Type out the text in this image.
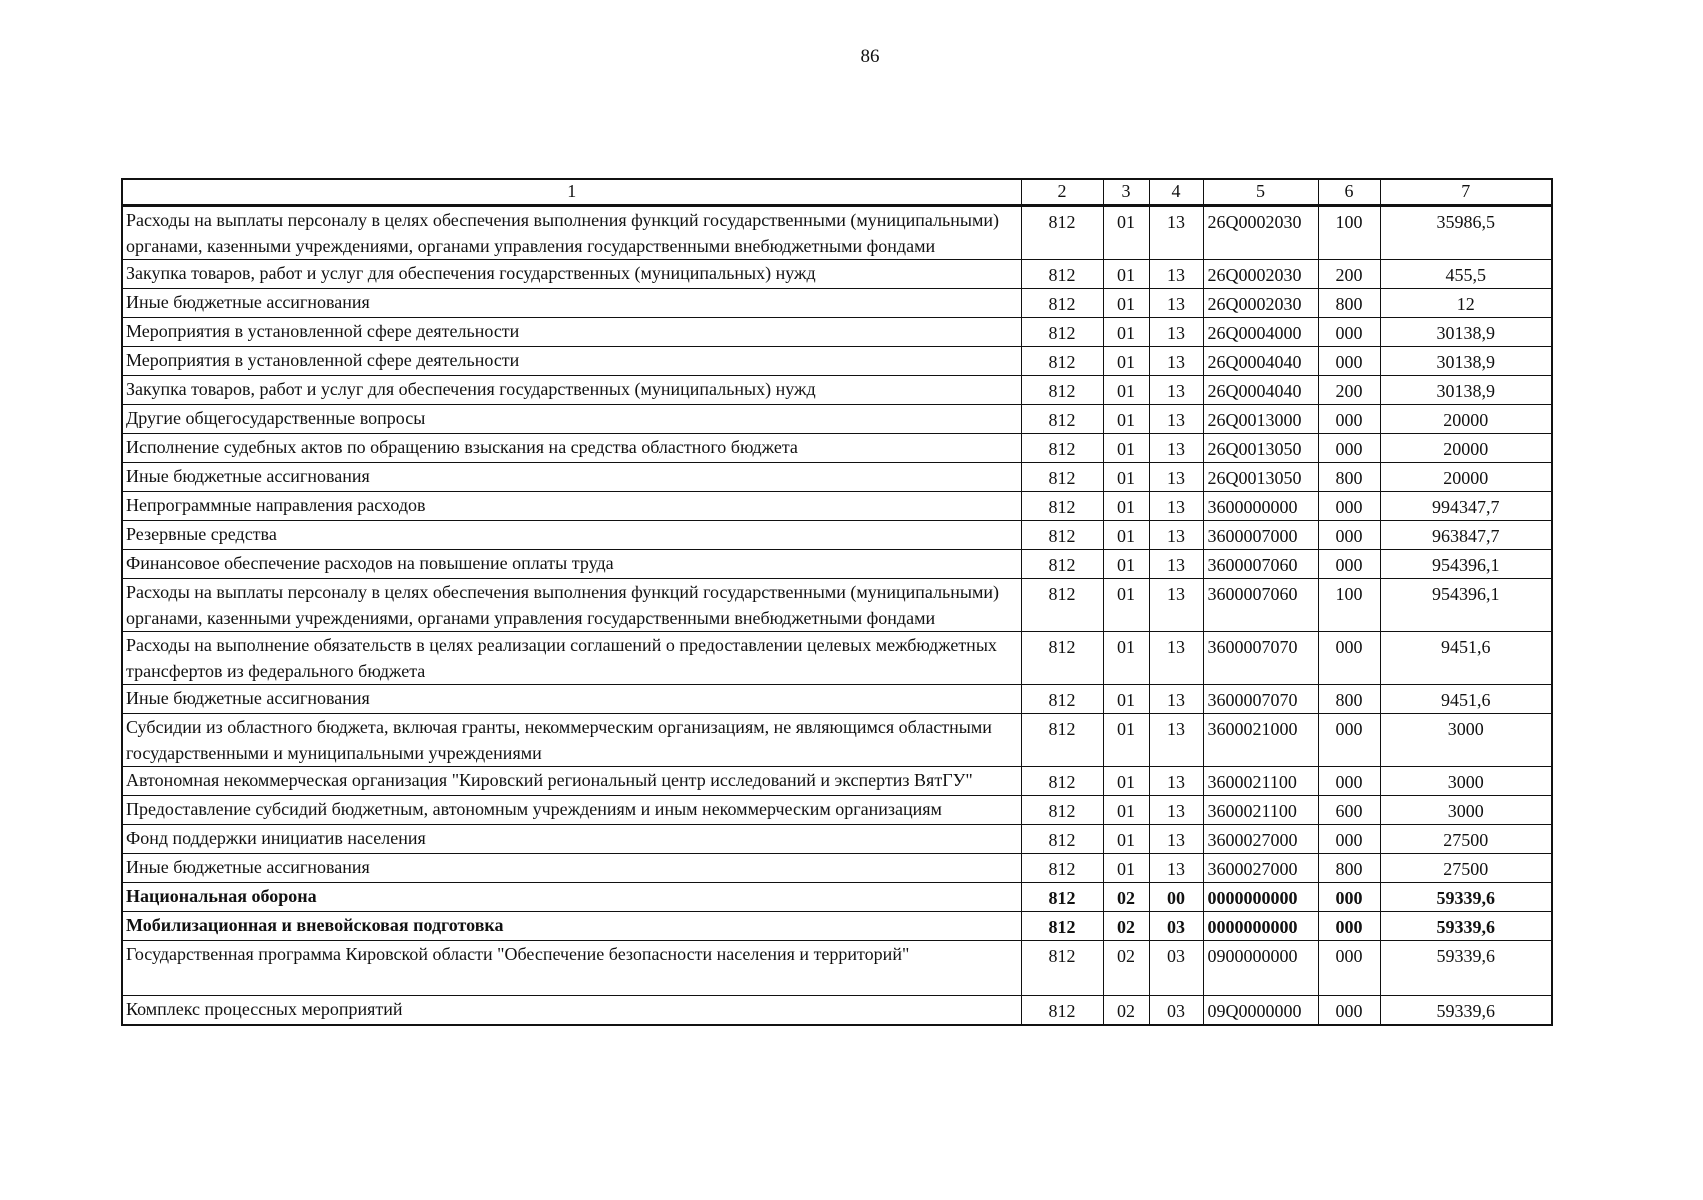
86
1	2	3	4	5	6	7
Расходы на выплаты персоналу в целях обеспечения выполнения функций государственными (муниципальными) органами, казенными учреждениями, органами управления государственными внебюджетными фондами	812	01	13	26Q0002030	100	35986,5
Закупка товаров, работ и услуг для обеспечения государственных (муниципальных) нужд	812	01	13	26Q0002030	200	455,5
Иные бюджетные ассигнования	812	01	13	26Q0002030	800	12
Мероприятия в установленной сфере деятельности	812	01	13	26Q0004000	000	30138,9
Мероприятия в установленной сфере деятельности	812	01	13	26Q0004040	000	30138,9
Закупка товаров, работ и услуг для обеспечения государственных (муниципальных) нужд	812	01	13	26Q0004040	200	30138,9
Другие общегосударственные вопросы	812	01	13	26Q0013000	000	20000
Исполнение судебных актов по обращению взыскания на средства областного бюджета	812	01	13	26Q0013050	000	20000
Иные бюджетные ассигнования	812	01	13	26Q0013050	800	20000
Непрограммные направления расходов	812	01	13	3600000000	000	994347,7
Резервные средства	812	01	13	3600007000	000	963847,7
Финансовое обеспечение расходов на повышение оплаты труда	812	01	13	3600007060	000	954396,1
Расходы на выплаты персоналу в целях обеспечения выполнения функций государственными (муниципальными) органами, казенными учреждениями, органами управления государственными внебюджетными фондами	812	01	13	3600007060	100	954396,1
Расходы на выполнение обязательств в целях реализации соглашений о предоставлении целевых межбюджетных трансфертов из федерального бюджета	812	01	13	3600007070	000	9451,6
Иные бюджетные ассигнования	812	01	13	3600007070	800	9451,6
Субсидии из областного бюджета, включая гранты, некоммерческим организациям, не являющимся областными государственными и муниципальными учреждениями	812	01	13	3600021000	000	3000
Автономная некоммерческая организация "Кировский региональный центр исследований и экспертиз ВятГУ"	812	01	13	3600021100	000	3000
Предоставление субсидий бюджетным, автономным учреждениям и иным некоммерческим организациям	812	01	13	3600021100	600	3000
Фонд поддержки инициатив населения	812	01	13	3600027000	000	27500
Иные бюджетные ассигнования	812	01	13	3600027000	800	27500
Национальная оборона	812	02	00	0000000000	000	59339,6
Мобилизационная и вневойсковая подготовка	812	02	03	0000000000	000	59339,6
Государственная программа Кировской области "Обеспечение безопасности населения и территорий"	812	02	03	0900000000	000	59339,6
Комплекс процессных мероприятий	812	02	03	09Q0000000	000	59339,6
